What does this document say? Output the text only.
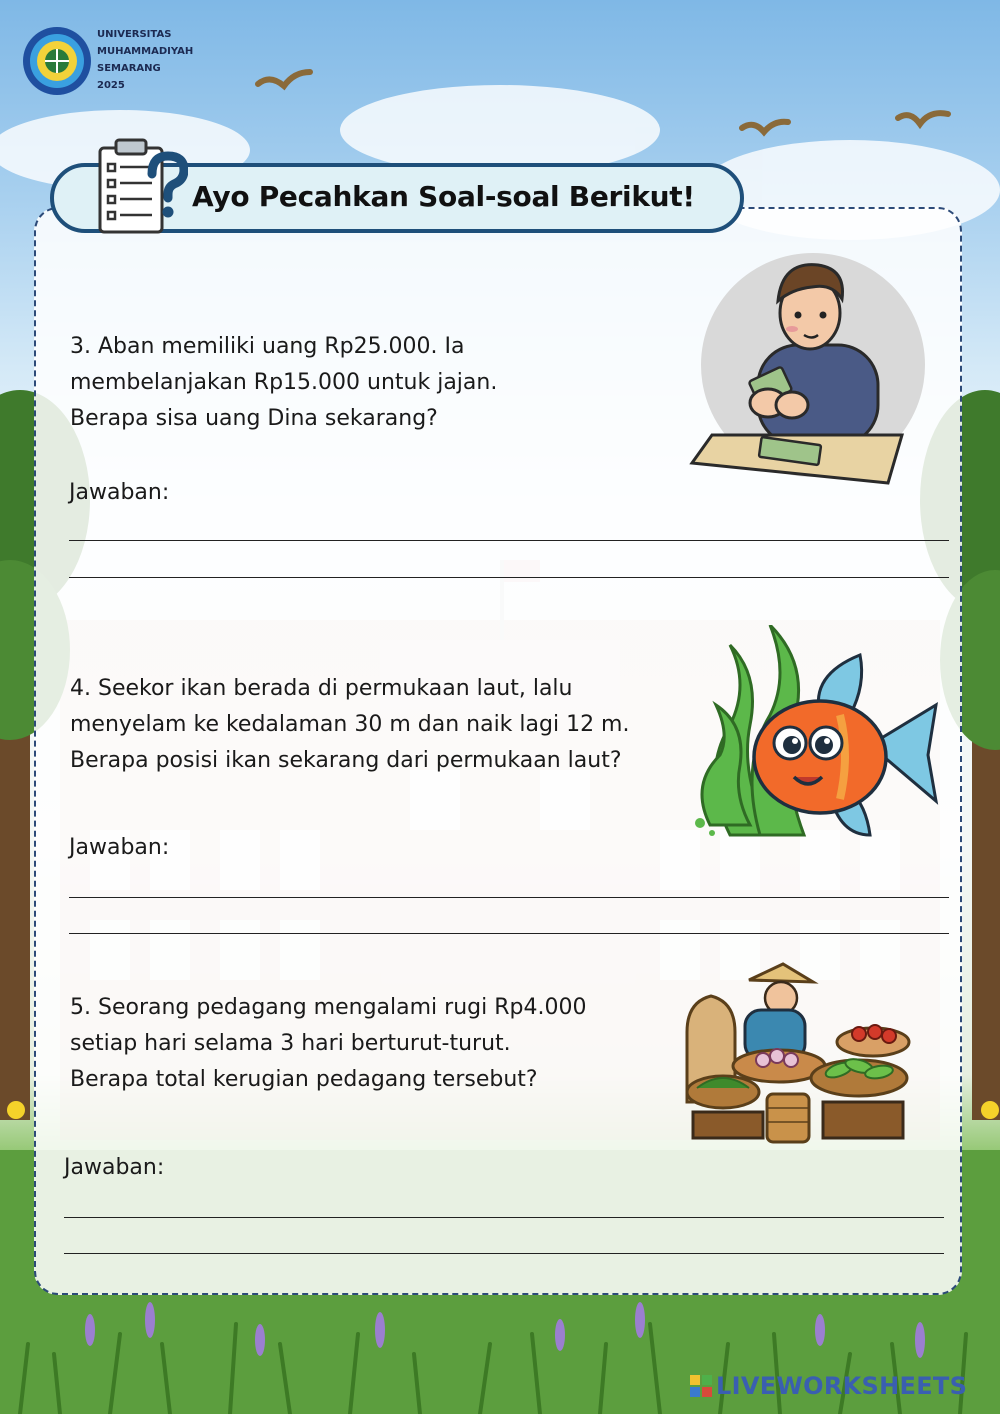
UNIVERSITAS
MUHAMMADIYAH
SEMARANG
2025
Ayo Pecahkan Soal-soal Berikut!
3. Aban memiliki uang Rp25.000. Ia
membelanjakan Rp15.000 untuk jajan.
Berapa sisa uang Dina sekarang?
Jawaban:
4. Seekor ikan berada di permukaan laut, lalu
menyelam ke kedalaman 30 m dan naik lagi 12 m.
Berapa posisi ikan sekarang dari permukaan laut?
Jawaban:
5. Seorang pedagang mengalami rugi Rp4.000
setiap hari selama 3 hari berturut-turut.
Berapa total kerugian pedagang tersebut?
Jawaban:
LIVEWORKSHEETS
